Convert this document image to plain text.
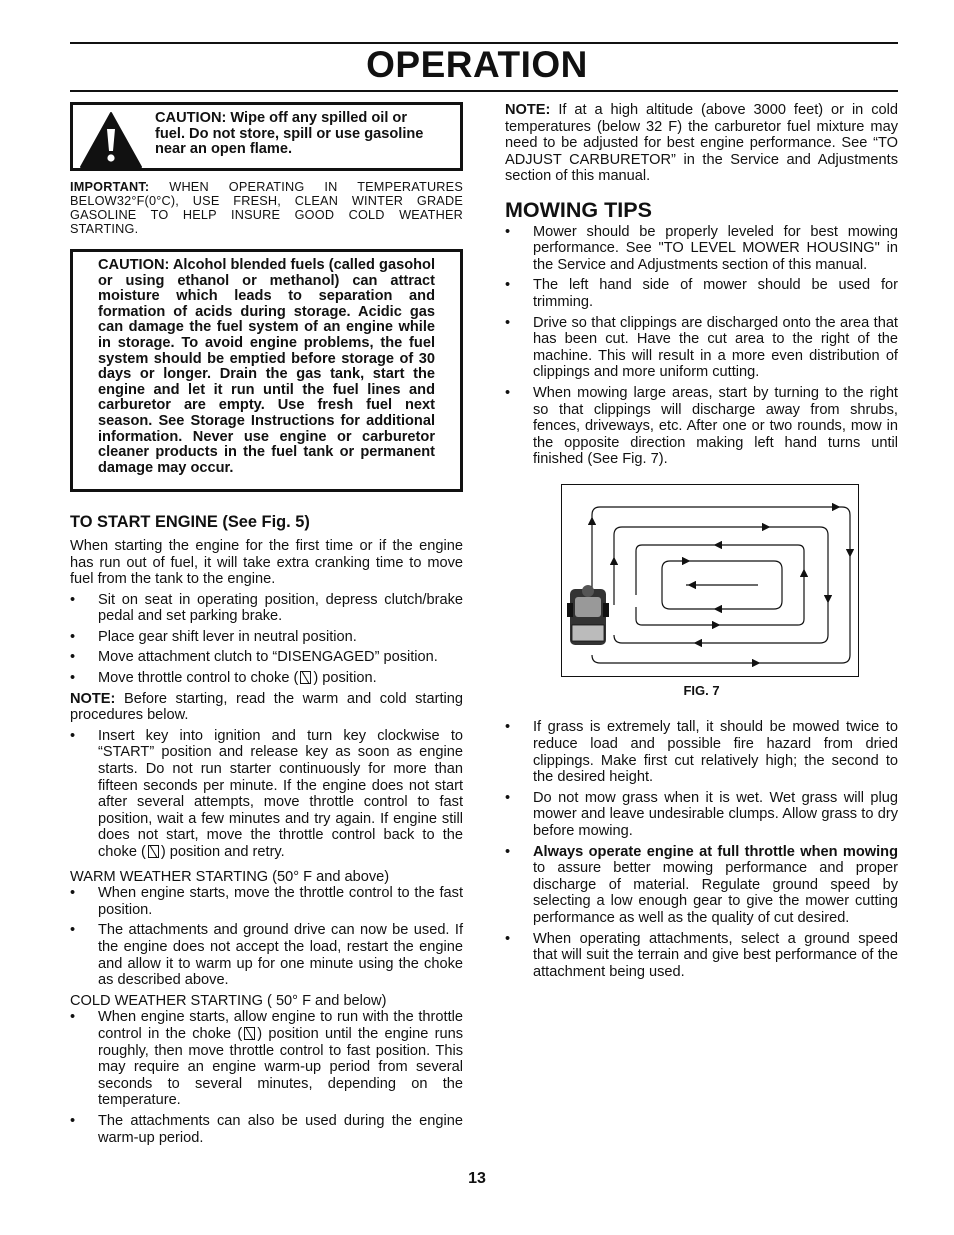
OPERATION
CAUTION: Wipe off any spilled oil or fuel. Do not store, spill or use gasoline near an open flame.
IMPORTANT: WHEN OPERATING IN TEMPERATURES BELOW32°F(0°C), USE FRESH, CLEAN WINTER GRADE GASOLINE TO HELP INSURE GOOD COLD WEATHER STARTING.
CAUTION: Alcohol blended fuels (called gasohol or using ethanol or methanol) can attract moisture which leads to separation and formation of acids during storage. Acidic gas can damage the fuel system of an engine while in storage. To avoid engine problems, the fuel system should be emptied before storage of 30 days or longer. Drain the gas tank, start the engine and let it run until the fuel lines and carburetor are empty. Use fresh fuel next season. See Storage Instructions for additional information. Never use engine or carburetor cleaner products in the fuel tank or permanent damage may occur.
TO START ENGINE (See Fig. 5)

When starting the engine for the first time or if the engine has run out of fuel, it will take extra cranking time to move fuel from the tank to the engine.

• Sit on seat in operating position, depress clutch/brake pedal and set parking brake.
• Place gear shift lever in neutral position.
• Move attachment clutch to “DISENGAGED” position.
• Move throttle control to choke ( ) position.

NOTE: Before starting, read the warm and cold starting procedures below.

• Insert key into ignition and turn key clockwise to “START” position and release key as soon as engine starts. Do not run starter continuously for more than fifteen seconds per minute. If the engine does not start after several attempts, move throttle control to fast position, wait a few minutes and try again. If engine still does not start, move the throttle control back to the choke ( ) position and retry.

WARM WEATHER STARTING (50° F and above)

• When engine starts, move the throttle control to the fast position.
• The attachments and ground drive can now be used. If the engine does not accept the load, restart the engine and allow it to warm up for one minute using the choke as described above.

COLD WEATHER STARTING ( 50° F and below)

• When engine starts, allow engine to run with the throttle control in the choke ( ) position until the engine runs roughly, then move throttle control to fast position. This may require an engine warm-up period from several seconds to several minutes, depending on the temperature.
• The attachments can also be used during the engine warm-up period.

NOTE: If at a high altitude (above 3000 feet) or in cold temperatures (below 32 F) the carburetor fuel mixture may need to be adjusted for best engine performance. See “TO ADJUST CARBURETOR” in the Service and Adjustments section of this manual.

MOWING TIPS
• Mower should be properly leveled for best mowing performance. See "TO LEVEL MOWER HOUSING" in the Service and Adjustments section of this manual.
• The left hand side of mower should be used for trimming.
• Drive so that clippings are discharged onto the area that has been cut. Have the cut area to the right of the machine. This will result in a more even distribution of clippings and more uniform cutting.
• When mowing large areas, start by turning to the right so that clippings will discharge away from shrubs, fences, driveways, etc. After one or two rounds, mow in the opposite direction making left hand turns until finished (See Fig. 7).
FIG. 7
• If grass is extremely tall, it should be mowed twice to reduce load and possible fire hazard from dried clippings. Make first cut relatively high; the second to the desired height.
• Do not mow grass when it is wet. Wet grass will plug mower and leave undesirable clumps. Allow grass to dry before mowing.
• Always operate engine at full throttle when mowing to assure better mowing performance and proper discharge of material. Regulate ground speed by selecting a low enough gear to give the mower cutting performance as well as the quality of cut desired.
• When operating attachments, select a ground speed that will suit the terrain and give best performance of the attachment being used.
13
